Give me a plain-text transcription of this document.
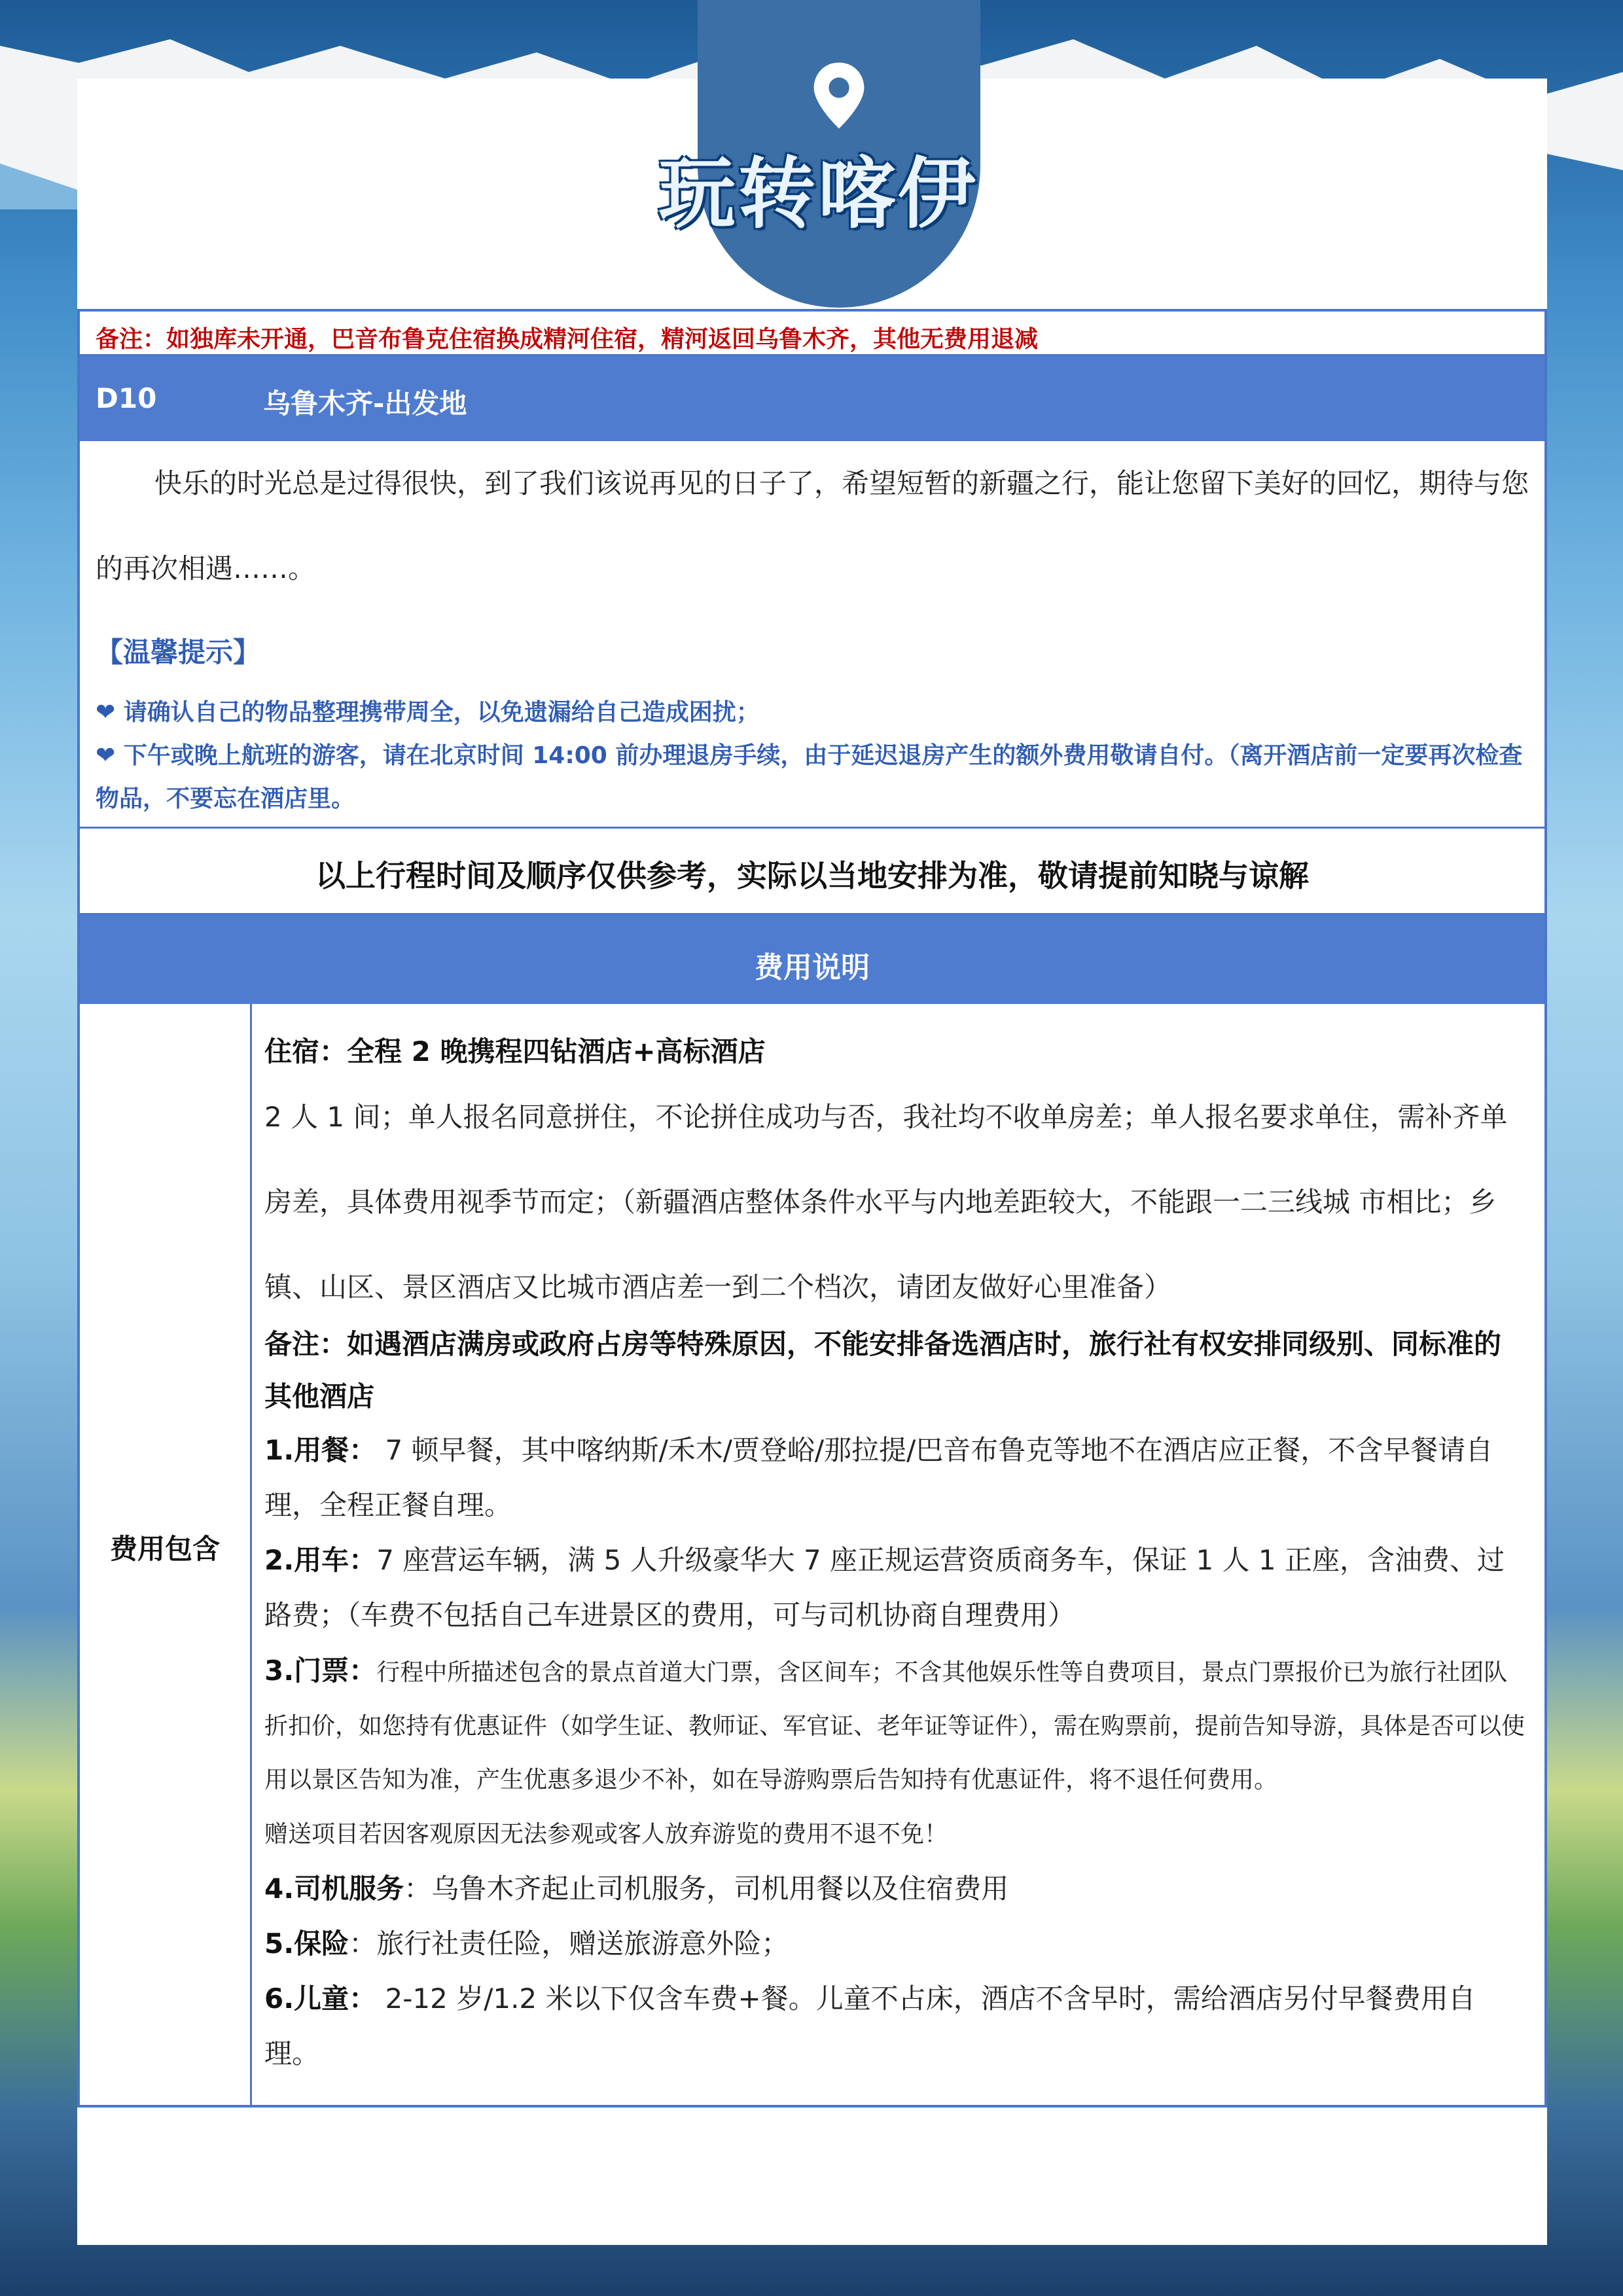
玩转喀伊
备注：如独库未开通，巴音布鲁克住宿换成精河住宿，精河返回乌鲁木齐，其他无费用退减
D10	乌鲁木齐-出发地
快乐的时光总是过得很快，到了我们该说再见的日子了，希望短暂的新疆之行，能让您留下美好的回忆，期待与您的再次相遇……。
【温馨提示】
❤ 请确认自己的物品整理携带周全，以免遗漏给自己造成困扰；
❤ 下午或晚上航班的游客，请在北京时间 14:00 前办理退房手续，由于延迟退房产生的额外费用敬请自付。（离开酒店前一定要再次检查物品，不要忘在酒店里。
以上行程时间及顺序仅供参考，实际以当地安排为准，敬请提前知晓与谅解
费用说明
费用包含
住宿：全程 2 晚携程四钻酒店+高标酒店
2 人 1 间；单人报名同意拼住，不论拼住成功与否，我社均不收单房差；单人报名要求单住，需补齐单房差，具体费用视季节而定；（新疆酒店整体条件水平与内地差距较大，不能跟一二三线城 市相比；乡镇、山区、景区酒店又比城市酒店差一到二个档次，请团友做好心里准备）
备注：如遇酒店满房或政府占房等特殊原因，不能安排备选酒店时，旅行社有权安排同级别、同标准的其他酒店
1.用餐： 7 顿早餐，其中喀纳斯/禾木/贾登峪/那拉提/巴音布鲁克等地不在酒店应正餐，不含早餐请自理，全程正餐自理。
2.用车：7 座营运车辆，满 5 人升级豪华大 7 座正规运营资质商务车，保证 1 人 1 正座，含油费、过路费；（车费不包括自己车进景区的费用，可与司机协商自理费用）
3.门票：行程中所描述包含的景点首道大门票，含区间车；不含其他娱乐性等自费项目，景点门票报价已为旅行社团队折扣价，如您持有优惠证件（如学生证、教师证、军官证、老年证等证件），需在购票前，提前告知导游，具体是否可以使用以景区告知为准，产生优惠多退少不补，如在导游购票后告知持有优惠证件，将不退任何费用。
赠送项目若因客观原因无法参观或客人放弃游览的费用不退不免！
4.司机服务：乌鲁木齐起止司机服务，司机用餐以及住宿费用
5.保险：旅行社责任险，赠送旅游意外险；
6.儿童： 2-12 岁/1.2 米以下仅含车费+餐。儿童不占床，酒店不含早时，需给酒店另付早餐费用自理。
